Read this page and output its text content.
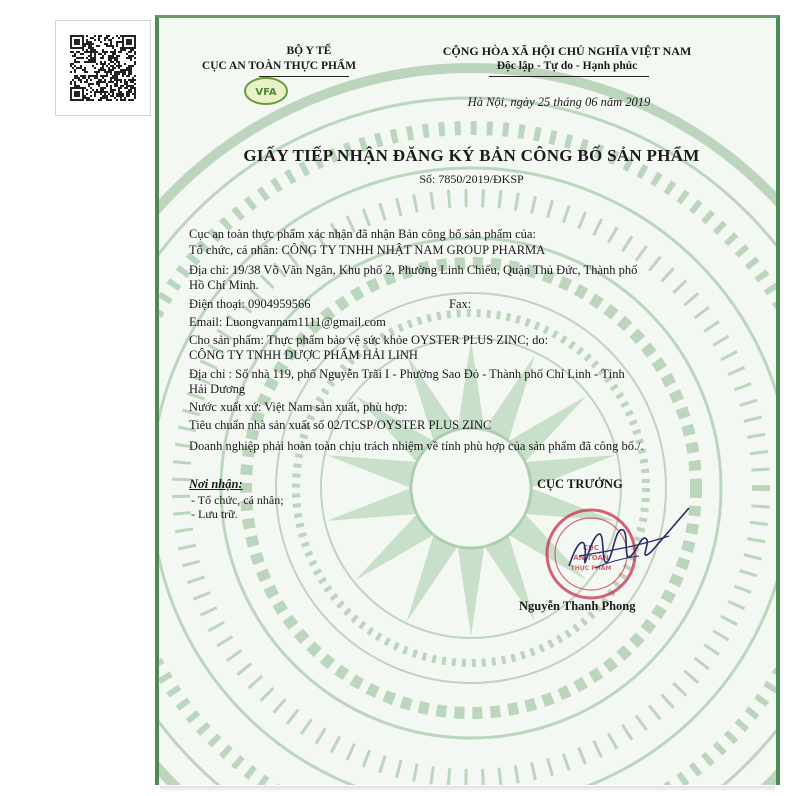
BỘ Y TẾ
CỤC AN TOÀN THỰC PHẨM
VFA
CỘNG HÒA XÃ HỘI CHỦ NGHĨA VIỆT NAM
Độc lập - Tự do - Hạnh phúc
Hà Nội, ngày 25 tháng 06 năm 2019
GIẤY TIẾP NHẬN ĐĂNG KÝ BẢN CÔNG BỐ SẢN PHẨM
Số: 7850/2019/ĐKSP
Cục an toàn thực phẩm xác nhận đã nhận Bản công bố sản phẩm của:
Tổ chức, cá nhân: CÔNG TY TNHH NHẬT NAM GROUP PHARMA
Địa chỉ: 19/38 Võ Văn Ngân, Khu phố 2, Phường Linh Chiểu, Quận Thủ Đức, Thành phố
Hồ Chí Minh.
Điện thoại: 0904959566	Fax:
Email: Luongvannam1111@gmail.com
Cho sản phẩm: Thực phẩm bảo vệ sức khỏe OYSTER PLUS ZINC; do:
CÔNG TY TNHH DƯỢC PHẨM HẢI LINH
Địa chỉ : Số nhà 119, phố Nguyễn Trãi I - Phường Sao Đỏ - Thành phố Chí Linh - Tỉnh
Hải Dương
Nước xuất xứ: Việt Nam sản xuất, phù hợp:
Tiêu chuẩn nhà sản xuất số 02/TCSP/OYSTER PLUS ZINC
Doanh nghiệp phải hoàn toàn chịu trách nhiệm về tính phù hợp của sản phẩm đã công bố./.
Nơi nhận:
- Tổ chức, cá nhân;
- Lưu trữ.
CỤC TRƯỞNG
CỤC
AN TOÀN
THỰC PHẨM
Nguyễn Thanh Phong
